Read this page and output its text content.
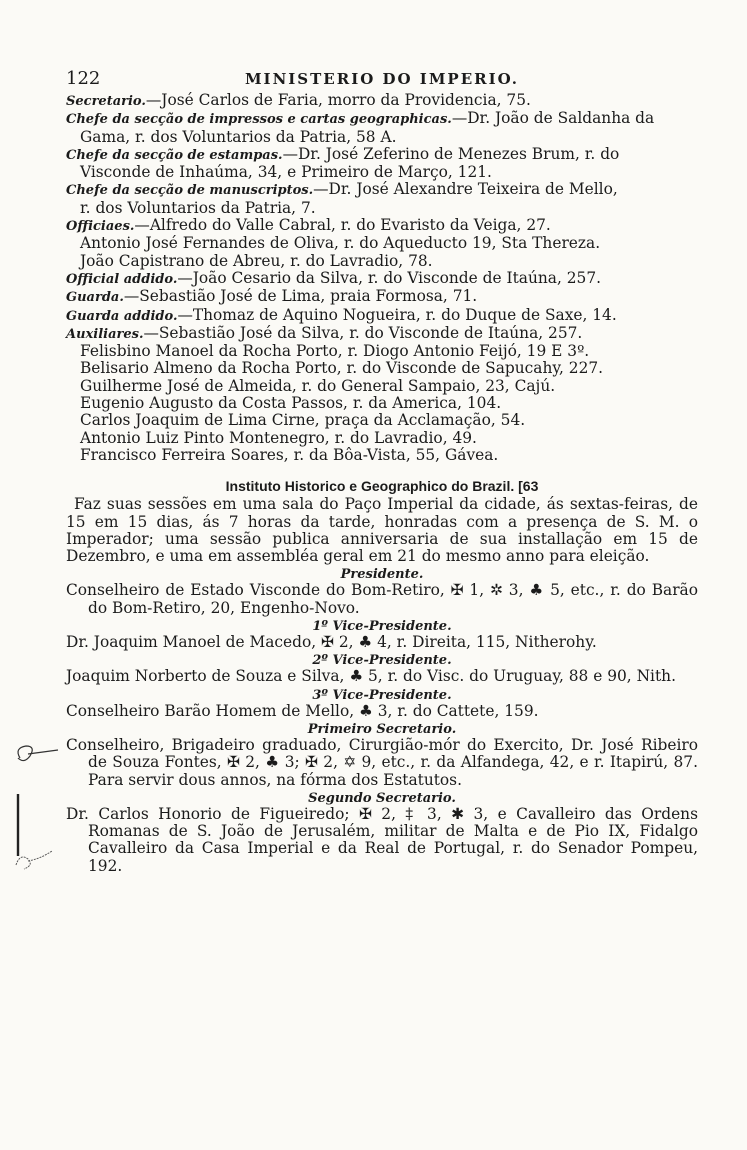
122	MINISTERIO DO IMPERIO.
Secretario.—José Carlos de Faria, morro da Providencia, 75.
Chefe da secção de impressos e cartas geographicas.—Dr. João de Saldanha da
Gama, r. dos Voluntarios da Patria, 58 A.
Chefe da secção de estampas.—Dr. José Zeferino de Menezes Brum, r. do
Visconde de Inhaúma, 34, e Primeiro de Março, 121.
Chefe da secção de manuscriptos.—Dr. José Alexandre Teixeira de Mello,
r. dos Voluntarios da Patria, 7.
Officiaes.—Alfredo do Valle Cabral, r. do Evaristo da Veiga, 27.
Antonio José Fernandes de Oliva, r. do Aqueducto 19, Sta Thereza.
João Capistrano de Abreu, r. do Lavradio, 78.
Official addido.—João Cesario da Silva, r. do Visconde de Itaúna, 257.
Guarda.—Sebastião José de Lima, praia Formosa, 71.
Guarda addido.—Thomaz de Aquino Nogueira, r. do Duque de Saxe, 14.
Auxiliares.—Sebastião José da Silva, r. do Visconde de Itaúna, 257.
Felisbino Manoel da Rocha Porto, r. Diogo Antonio Feijó, 19 E 3º.
Belisario Almeno da Rocha Porto, r. do Visconde de Sapucahy, 227.
Guilherme José de Almeida, r. do General Sampaio, 23, Cajú.
Eugenio Augusto da Costa Passos, r. da America, 104.
Carlos Joaquim de Lima Cirne, praça da Acclamação, 54.
Antonio Luiz Pinto Montenegro, r. do Lavradio, 49.
Francisco Ferreira Soares, r. da Bôa-Vista, 55, Gávea.
Instituto Historico e Geographico do Brazil. [63
Faz suas sessões em uma sala do Paço Imperial da cidade, ás sextas-feiras, de 15 em 15 dias, ás 7 horas da tarde, honradas com a presença de S. M. o Imperador; uma sessão publica anniversaria de sua installação em 15 de Dezembro, e uma em assembléa geral em 21 do mesmo anno para eleição.
Presidente.
Conselheiro de Estado Visconde do Bom-Retiro, ✠ 1, ✲ 3, ♣ 5, etc., r. do Barão do Bom-Retiro, 20, Engenho-Novo.
1º Vice-Presidente.
Dr. Joaquim Manoel de Macedo, ✠ 2, ♣ 4, r. Direita, 115, Nitherohy.
2º Vice-Presidente.
Joaquim Norberto de Souza e Silva, ♣ 5, r. do Visc. do Uruguay, 88 e 90, Nith.
3º Vice-Presidente.
Conselheiro Barão Homem de Mello, ♣ 3, r. do Cattete, 159.
Primeiro Secretario.
Conselheiro, Brigadeiro graduado, Cirurgião-mór do Exercito, Dr. José Ribeiro de Souza Fontes, ✠ 2, ♣ 3; ✠ 2, ✡ 9, etc., r. da Alfandega, 42, e r. Itapirú, 87. Para servir dous annos, na fórma dos Estatutos.
Segundo Secretario.
Dr. Carlos Honorio de Figueiredo; ✠ 2, ‡ 3, ✱ 3, e Cavalleiro das Ordens Romanas de S. João de Jerusalém, militar de Malta e de Pio IX, Fidalgo Cavalleiro da Casa Imperial e da Real de Portugal, r. do Senador Pompeu, 192.
